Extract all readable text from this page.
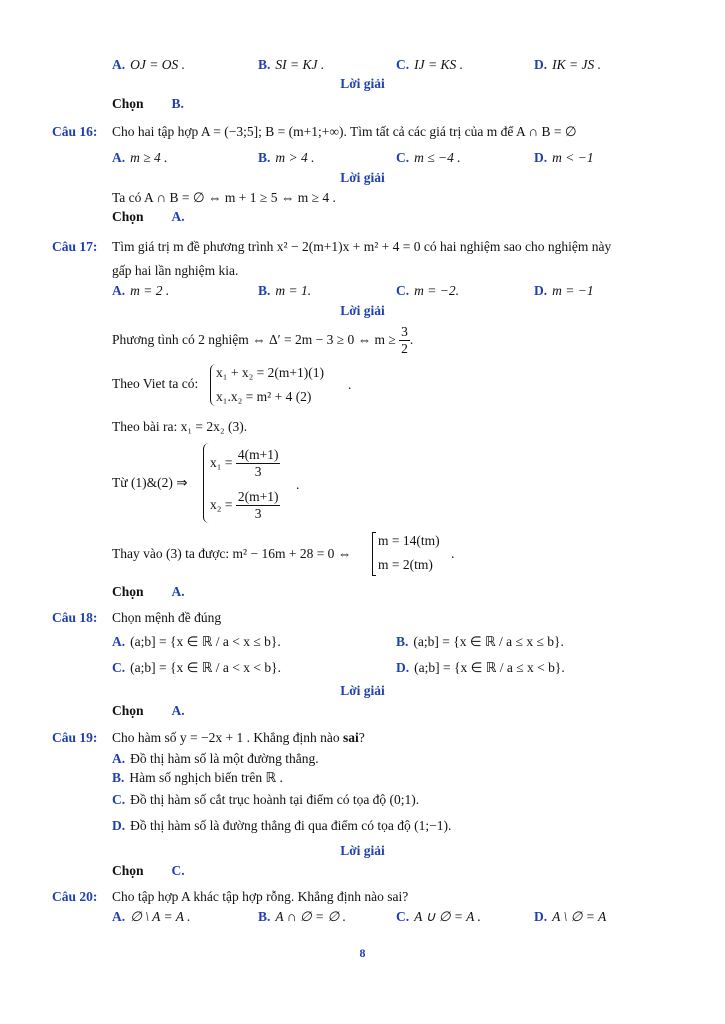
A. OJ = OS .	B. SI = KJ .	C. IJ = KS .	D. IK = JS .
Lời giải
Chọn B.
Câu 16: Cho hai tập hợp A = (−3;5]; B = (m+1;+∞). Tìm tất cả các giá trị của m để A ∩ B = ∅
A. m ≥ 4 .	B. m > 4 .	C. m ≤ −4 .	D. m < −1
Lời giải
Ta có A ∩ B = ∅ ⇔ m + 1 ≥ 5 ⇔ m ≥ 4 .
Chọn A.
Câu 17: Tìm giá trị m đề phương trình x² − 2(m+1)x + m² + 4 = 0 có hai nghiệm sao cho nghiệm này
gấp hai lần nghiệm kia.
A. m = 2 .	B. m = 1.	C. m = −2.	D. m = −1
Lời giải
Phương tình có 2 nghiệm ⇔ Δ′ = 2m − 3 ≥ 0 ⇔ $m \ge \frac{3}{2}$ .
Theo Viet ta có:
x₁ + x₂ = 2(m+1)(1)
x₁.x₂ = m² + 4 (2)
.
Theo bài ra: x₁ = 2x₂ (3).
Từ (1)&(2) ⇒
$x_1 = \frac{4(m+1)}{3}$
$x_2 = \frac{2(m+1)}{3}$
.
Thay vào (3) ta được: m² − 16m + 28 = 0 ⇔
m = 14(tm)
m = 2(tm)
.
Chọn A.
Câu 18: Chọn mệnh đề đúng
A. (a;b] = {x ∈ ℝ / a < x ≤ b}.	B. (a;b] = {x ∈ ℝ / a ≤ x ≤ b}.
C. (a;b] = {x ∈ ℝ / a < x < b}.	D. (a;b] = {x ∈ ℝ / a ≤ x < b}.
Lời giải
Chọn A.
Câu 19: Cho hàm số y = −2x + 1 . Khẳng định nào sai?
A. Đồ thị hàm số là một đường thẳng.
B. Hàm số nghịch biến trên ℝ .
C. Đồ thị hàm số cắt trục hoành tại điểm có tọa độ (0;1).
D. Đồ thị hàm số là đường thẳng đi qua điểm có tọa độ (1;−1).
Lời giải
Chọn C.
Câu 20: Cho tập hợp A khác tập hợp rỗng. Khẳng định nào sai?
A. ∅ \ A = A .	B. A ∩ ∅ = ∅ .	C. A ∪ ∅ = A .	D. A \ ∅ = A
8
